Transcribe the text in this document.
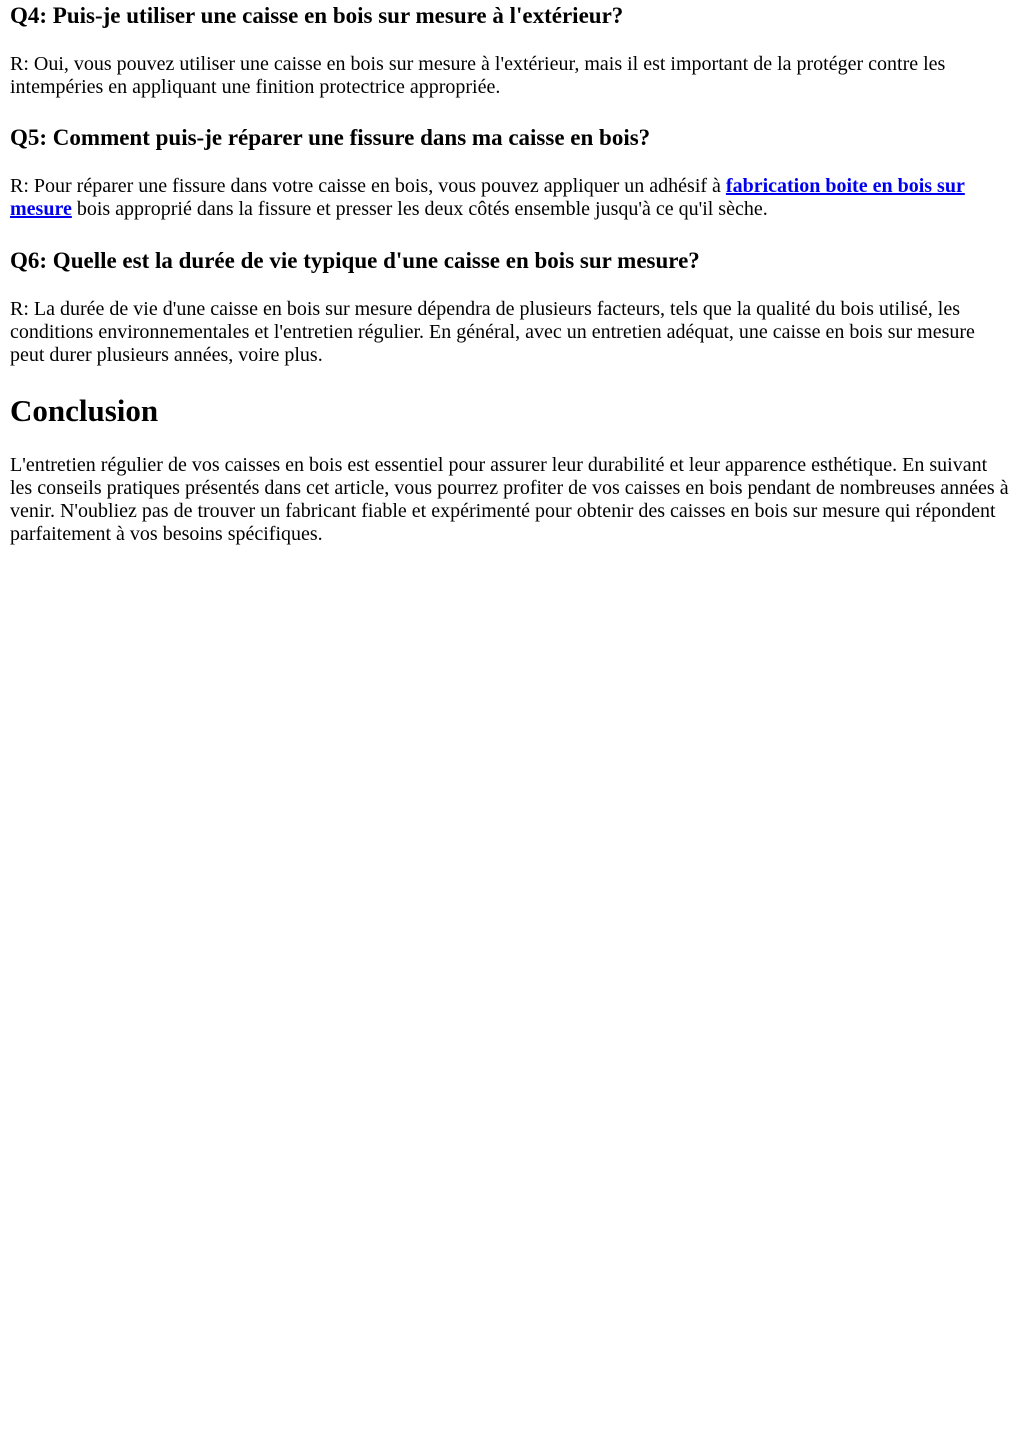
Q4: Puis-je utiliser une caisse en bois sur mesure à l'extérieur?

R: Oui, vous pouvez utiliser une caisse en bois sur mesure à l'extérieur, mais il est important de la protéger contre les intempéries en appliquant une finition protectrice appropriée.

Q5: Comment puis-je réparer une fissure dans ma caisse en bois?

R: Pour réparer une fissure dans votre caisse en bois, vous pouvez appliquer un adhésif à fabrication boite en bois sur mesure bois approprié dans la fissure et presser les deux côtés ensemble jusqu'à ce qu'il sèche.

Q6: Quelle est la durée de vie typique d'une caisse en bois sur mesure?

R: La durée de vie d'une caisse en bois sur mesure dépendra de plusieurs facteurs, tels que la qualité du bois utilisé, les conditions environnementales et l'entretien régulier. En général, avec un entretien adéquat, une caisse en bois sur mesure peut durer plusieurs années, voire plus.

Conclusion

L'entretien régulier de vos caisses en bois est essentiel pour assurer leur durabilité et leur apparence esthétique. En suivant les conseils pratiques présentés dans cet article, vous pourrez profiter de vos caisses en bois pendant de nombreuses années à venir. N'oubliez pas de trouver un fabricant fiable et expérimenté pour obtenir des caisses en bois sur mesure qui répondent parfaitement à vos besoins spécifiques.
